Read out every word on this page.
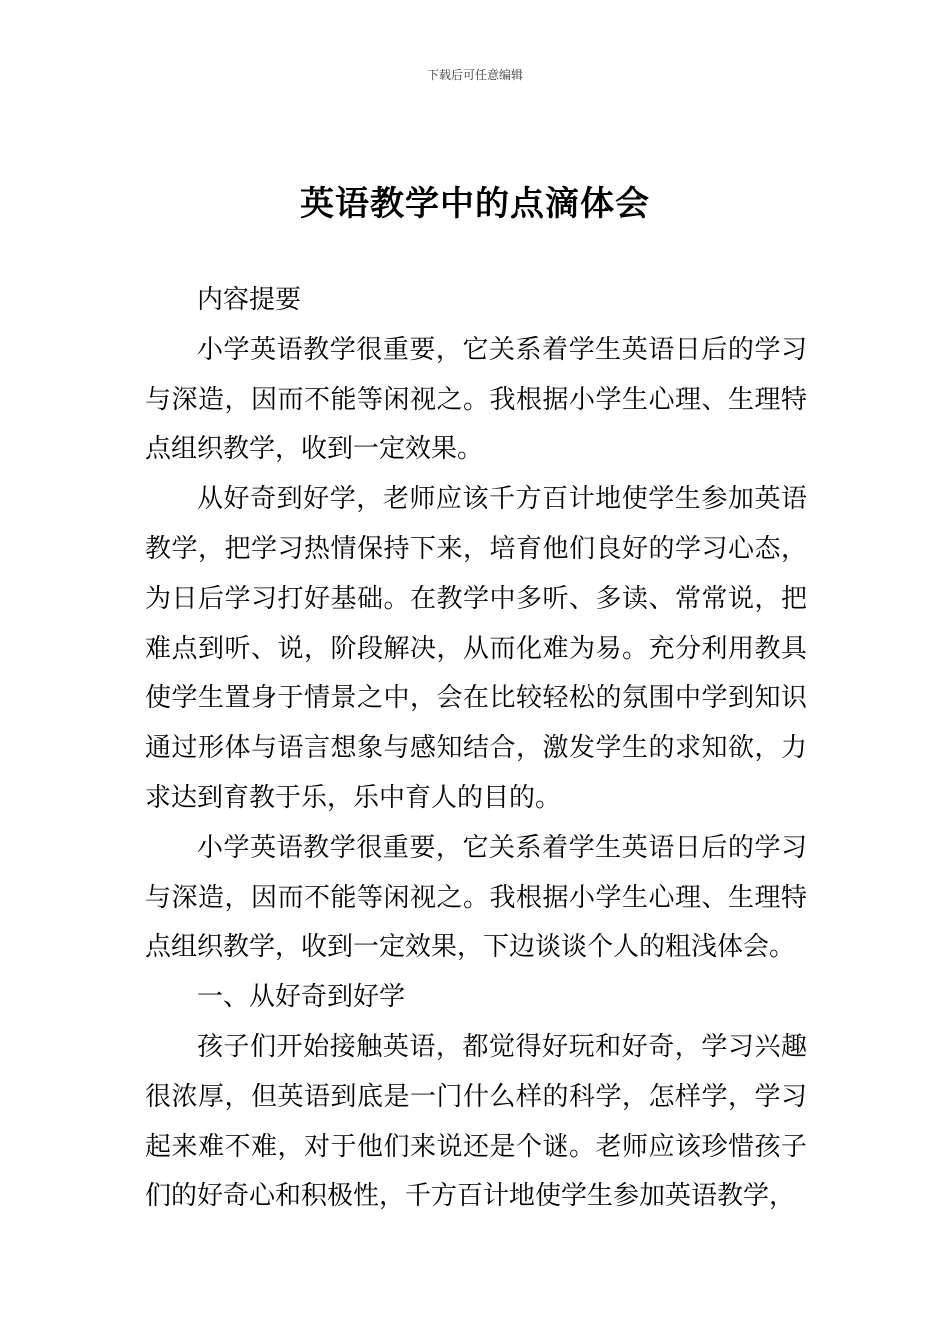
下载后可任意编辑
英语教学中的点滴体会

内容提要

小学英语教学很重要，它关系着学生英语日后的学习与深造，因而不能等闲视之。我根据小学生心理、生理特点组织教学，收到一定效果。

从好奇到好学，老师应该千方百计地使学生参加英语教学，把学习热情保持下来，培育他们良好的学习心态，为日后学习打好基础。在教学中多听、多读、常常说，把难点到听、说，阶段解决，从而化难为易。充分利用教具使学生置身于情景之中，会在比较轻松的氛围中学到知识通过形体与语言想象与感知结合，激发学生的求知欲，力求达到育教于乐，乐中育人的目的。

小学英语教学很重要，它关系着学生英语日后的学习与深造，因而不能等闲视之。我根据小学生心理、生理特点组织教学，收到一定效果，下边谈谈个人的粗浅体会。

一、从好奇到好学

孩子们开始接触英语，都觉得好玩和好奇，学习兴趣很浓厚，但英语到底是一门什么样的科学，怎样学，学习起来难不难，对于他们来说还是个谜。老师应该珍惜孩子们的好奇心和积极性，千方百计地使学生参加英语教学，
